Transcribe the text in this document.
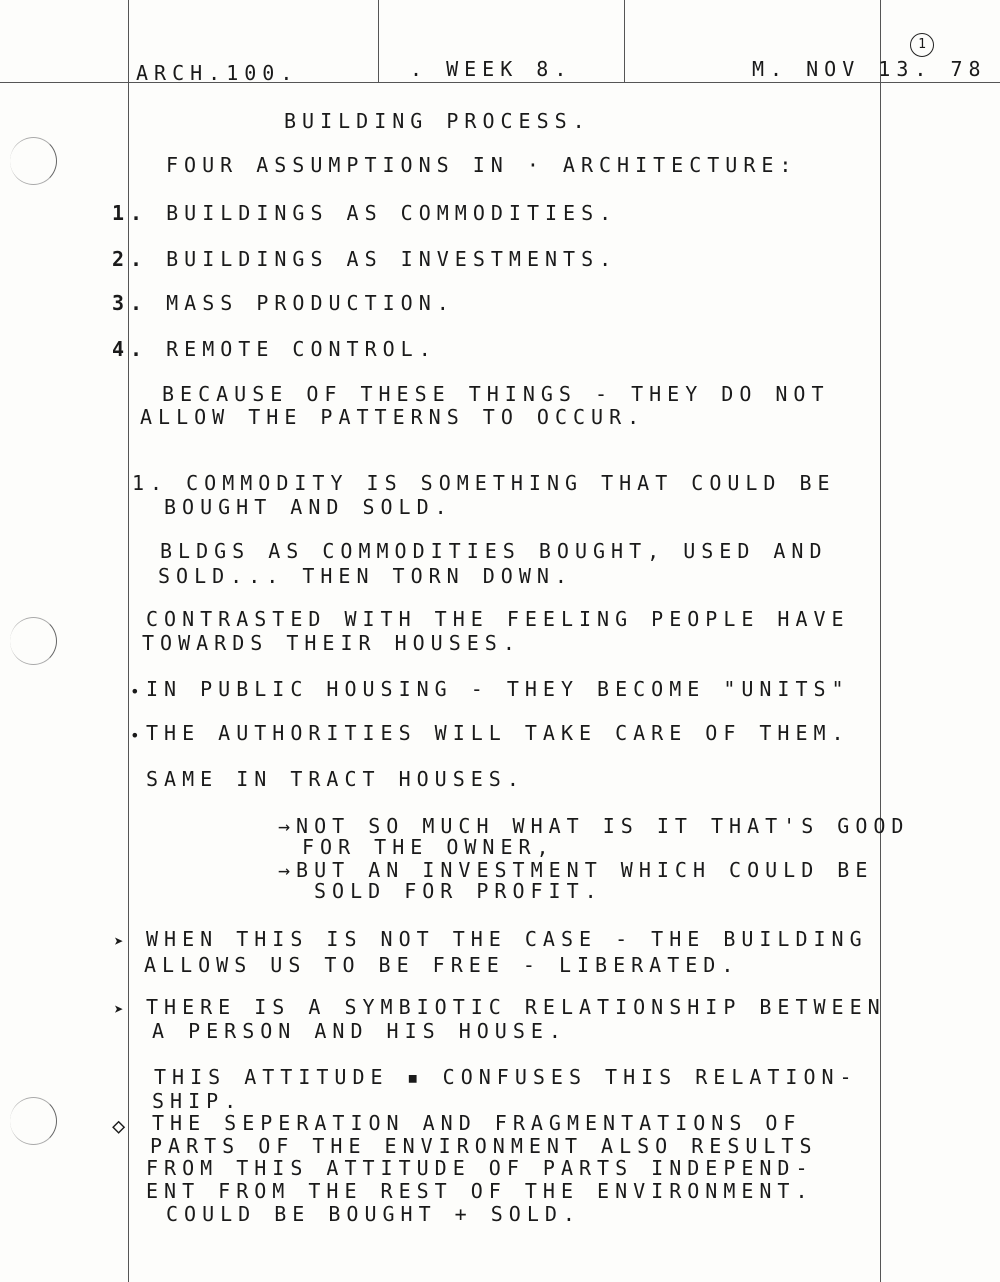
ARCH.100.	. WEEK 8.	M. NOV 13. 78
1
BUILDING PROCESS.
FOUR ASSUMPTIONS IN · ARCHITECTURE:
1. BUILDINGS AS COMMODITIES.
2. BUILDINGS AS INVESTMENTS.
3. MASS PRODUCTION.
4. REMOTE CONTROL.
BECAUSE OF THESE THINGS - THEY DO NOT
ALLOW THE PATTERNS TO OCCUR.
1. COMMODITY IS SOMETHING THAT COULD BE
BOUGHT AND SOLD.
BLDGS AS COMMODITIES BOUGHT, USED AND
SOLD... THEN TORN DOWN.
CONTRASTED WITH THE FEELING PEOPLE HAVE
TOWARDS THEIR HOUSES.
• IN PUBLIC HOUSING - THEY BECOME "UNITS"
• THE AUTHORITIES WILL TAKE CARE OF THEM.
SAME IN TRACT HOUSES.
→NOT SO MUCH WHAT IS IT THAT'S GOOD
FOR THE OWNER,
→BUT AN INVESTMENT WHICH COULD BE
SOLD FOR PROFIT.
➤ WHEN THIS IS NOT THE CASE - THE BUILDING
ALLOWS US TO BE FREE - LIBERATED.
➤ THERE IS A SYMBIOTIC RELATIONSHIP BETWEEN
A PERSON AND HIS HOUSE.
THIS ATTITUDE ▪ CONFUSES THIS RELATION-
SHIP.
◇ THE SEPERATION AND FRAGMENTATIONS OF
PARTS OF THE ENVIRONMENT ALSO RESULTS
FROM THIS ATTITUDE OF PARTS INDEPEND-
ENT FROM THE REST OF THE ENVIRONMENT.
COULD BE BOUGHT + SOLD.
